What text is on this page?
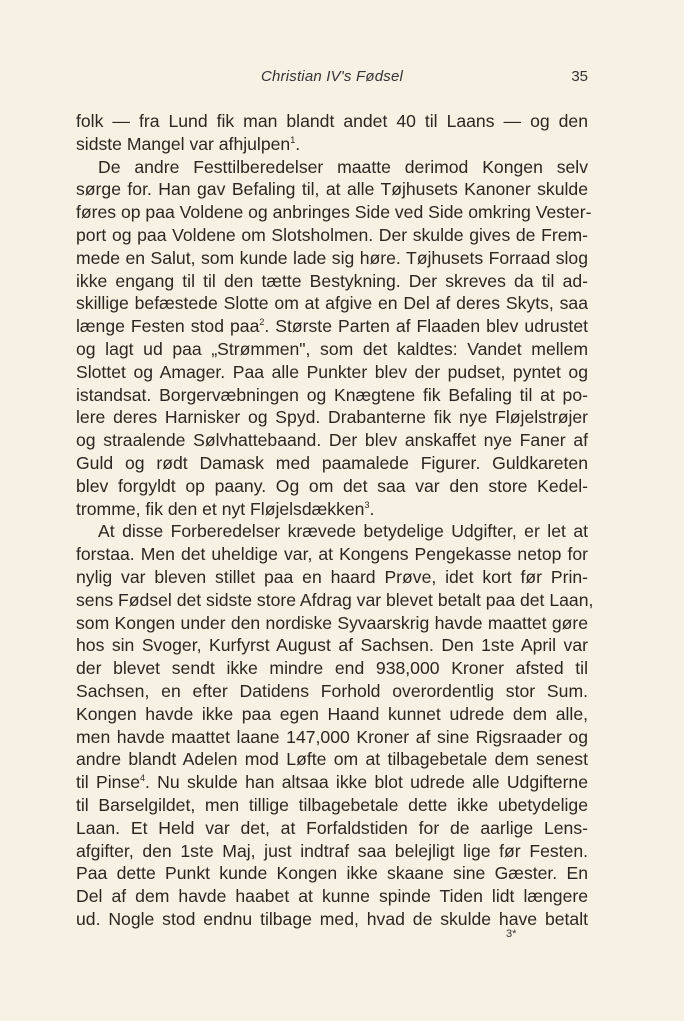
Christian IV's Fødsel	35
folk — fra Lund fik man blandt andet 40 til Laans — og den
sidste Mangel var afhjulpen$^1$.
De andre Festtilberedelser maatte derimod Kongen selv
sørge for. Han gav Befaling til, at alle Tøjhusets Kanoner skulde
føres op paa Voldene og anbringes Side ved Side omkring Vester-
port og paa Voldene om Slotsholmen. Der skulde gives de Frem-
mede en Salut, som kunde lade sig høre. Tøjhusets Forraad slog
ikke engang til til den tætte Bestykning. Der skreves da til ad-
skillige befæstede Slotte om at afgive en Del af deres Skyts, saa
længe Festen stod paa$^2$. Største Parten af Flaaden blev udrustet
og lagt ud paa „Strømmen", som det kaldtes: Vandet mellem
Slottet og Amager. Paa alle Punkter blev der pudset, pyntet og
istandsat. Borgervæbningen og Knægtene fik Befaling til at po-
lere deres Harnisker og Spyd. Drabanterne fik nye Fløjelstrøjer
og straalende Sølvhattebaand. Der blev anskaffet nye Faner af
Guld og rødt Damask med paamalede Figurer. Guldkareten
blev forgyldt op paany. Og om det saa var den store Kedel-
tromme, fik den et nyt Fløjelsdækken$^3$.
At disse Forberedelser krævede betydelige Udgifter, er let at
forstaa. Men det uheldige var, at Kongens Pengekasse netop for
nylig var bleven stillet paa en haard Prøve, idet kort før Prin-
sens Fødsel det sidste store Afdrag var blevet betalt paa det Laan,
som Kongen under den nordiske Syvaarskrig havde maattet gøre
hos sin Svoger, Kurfyrst August af Sachsen. Den 1ste April var
der blevet sendt ikke mindre end 938,000 Kroner afsted til
Sachsen, en efter Datidens Forhold overordentlig stor Sum.
Kongen havde ikke paa egen Haand kunnet udrede dem alle,
men havde maattet laane 147,000 Kroner af sine Rigsraader og
andre blandt Adelen mod Løfte om at tilbagebetale dem senest
til Pinse$^4$. Nu skulde han altsaa ikke blot udrede alle Udgifterne
til Barselgildet, men tillige tilbagebetale dette ikke ubetydelige
Laan. Et Held var det, at Forfaldstiden for de aarlige Lens-
afgifter, den 1ste Maj, just indtraf saa belejligt lige før Festen.
Paa dette Punkt kunde Kongen ikke skaane sine Gæster. En
Del af dem havde haabet at kunne spinde Tiden lidt længere
ud. Nogle stod endnu tilbage med, hvad de skulde have betalt
3*
